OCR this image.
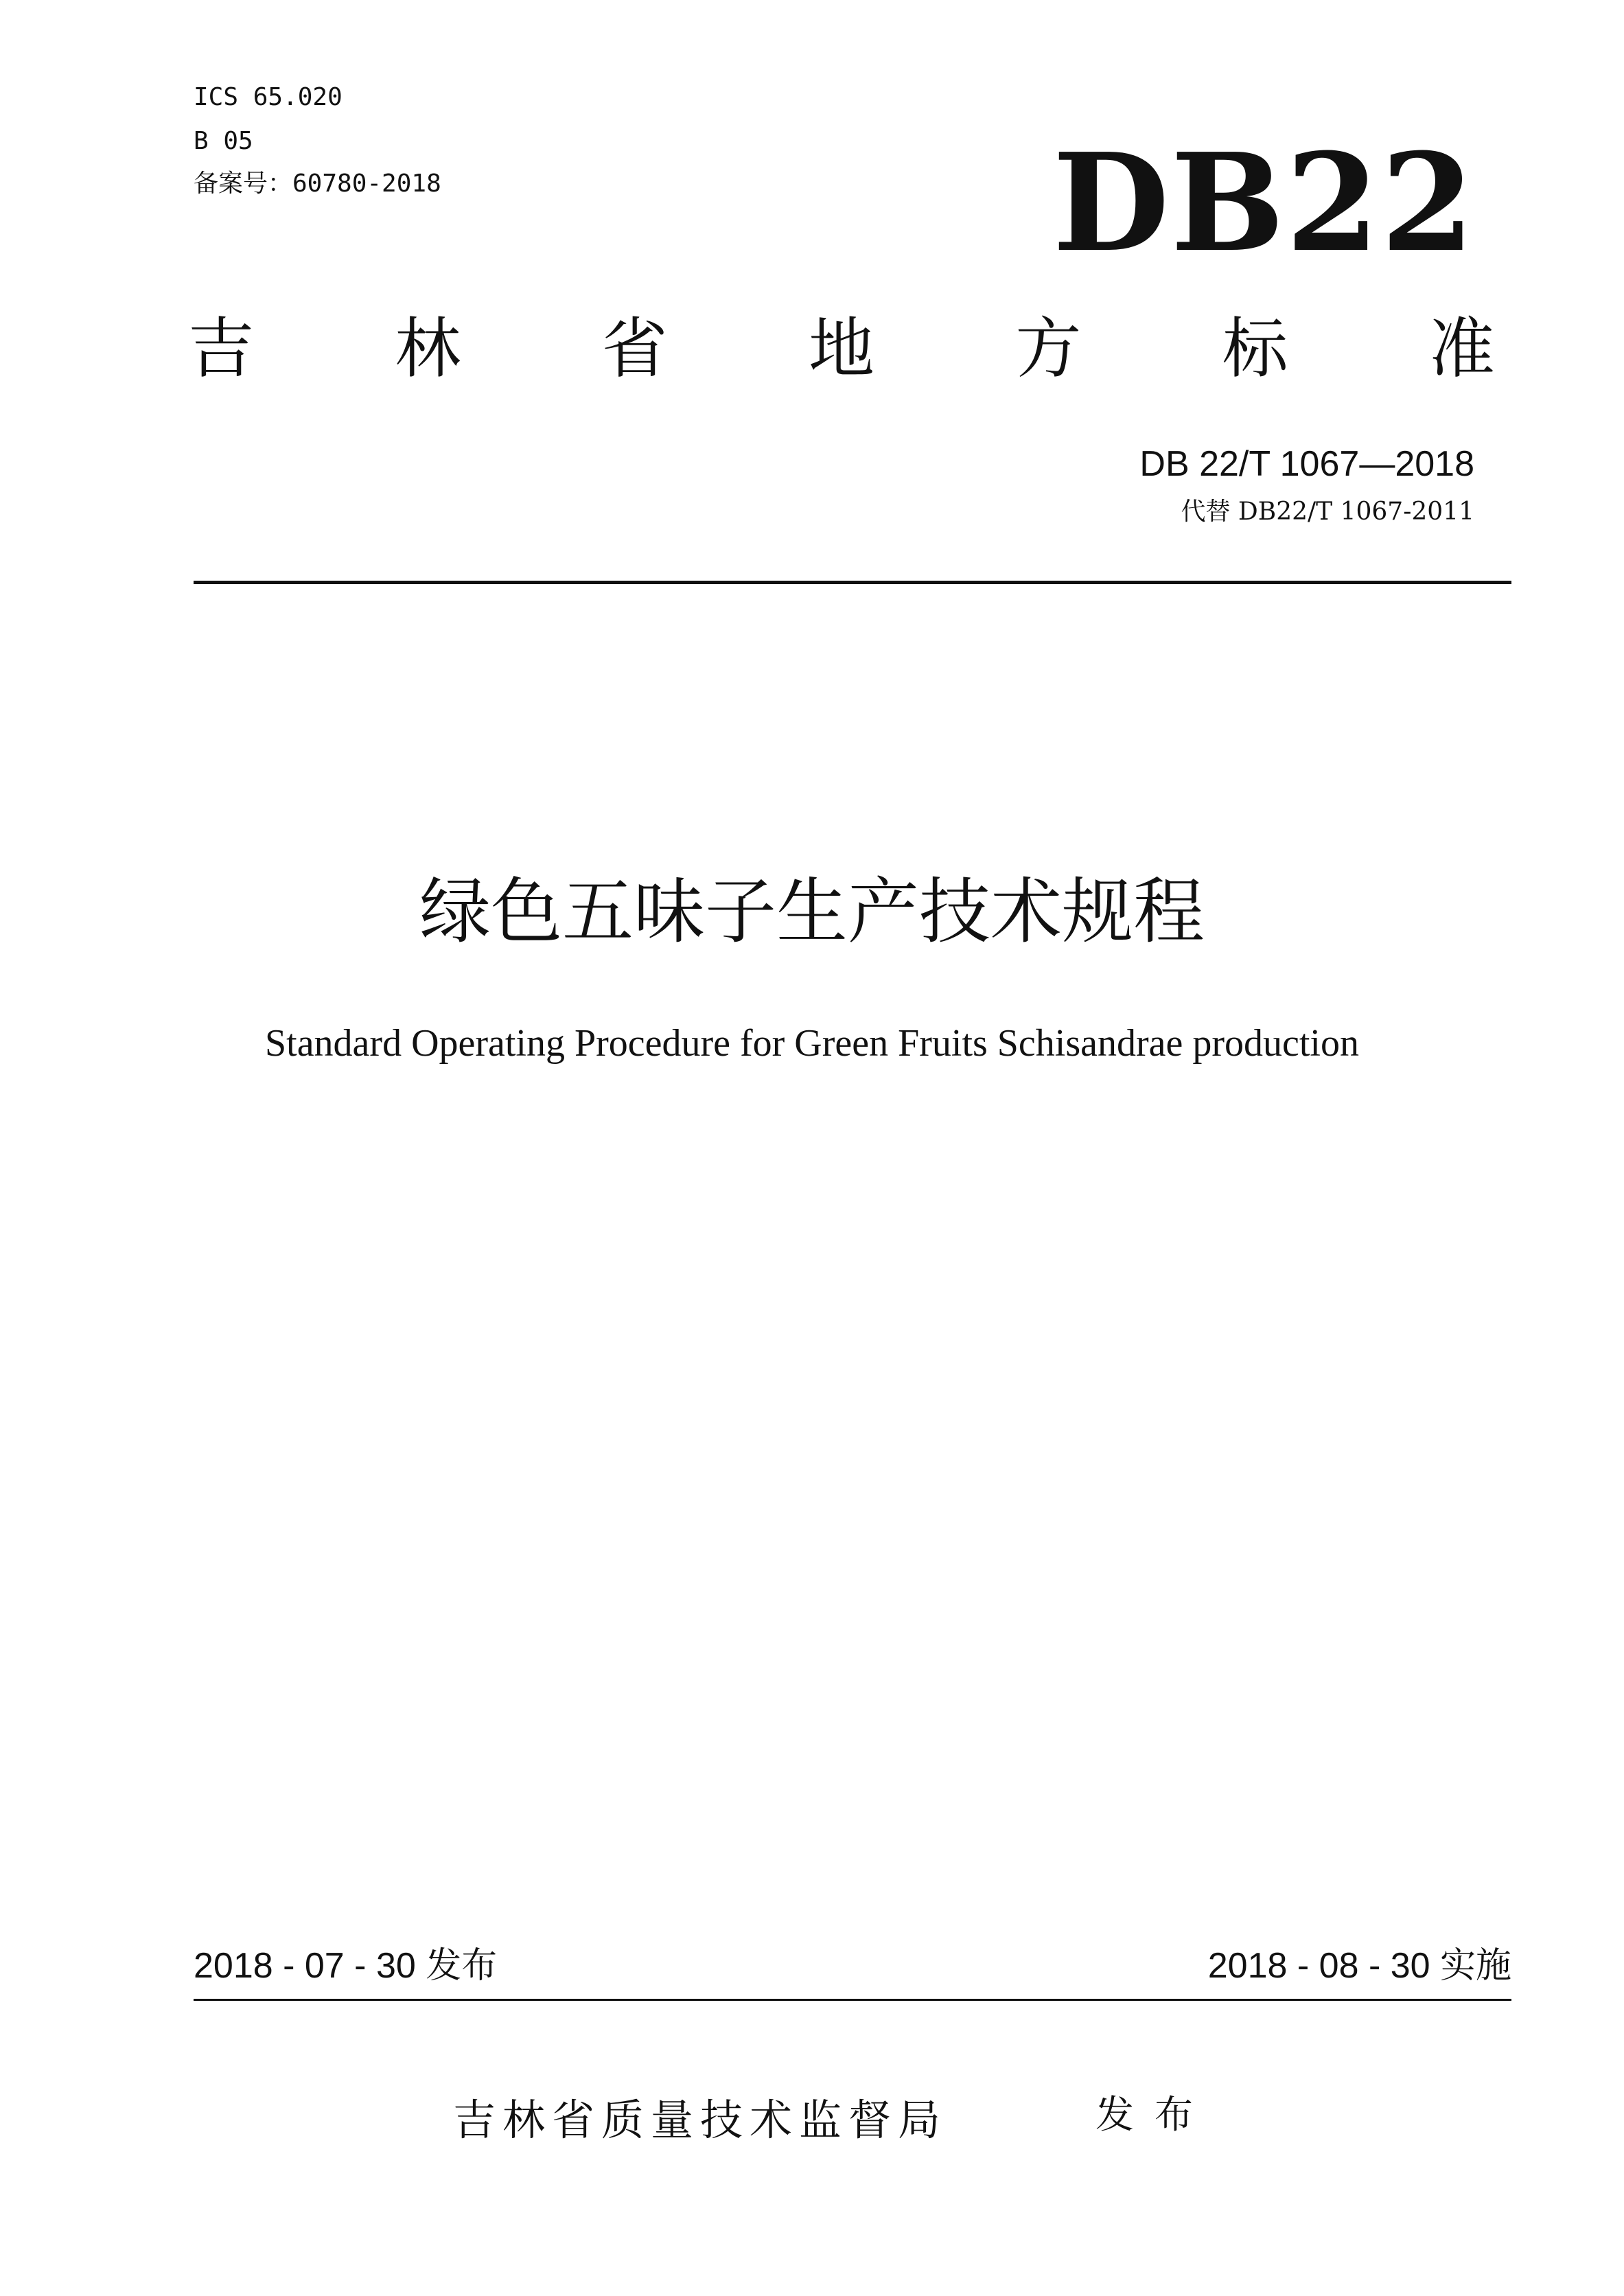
ICS 65.020
B 05
备案号：60780-2018	DB22
吉 林 省 地 方 标 准
DB 22/T 1067—2018
代替 DB22/T 1067-2011
绿色五味子生产技术规程
Standard Operating Procedure for Green Fruits Schisandrae production
2018 - 07 - 30 发布	2018 - 08 - 30 实施
吉林省质量技术监督局	发布
